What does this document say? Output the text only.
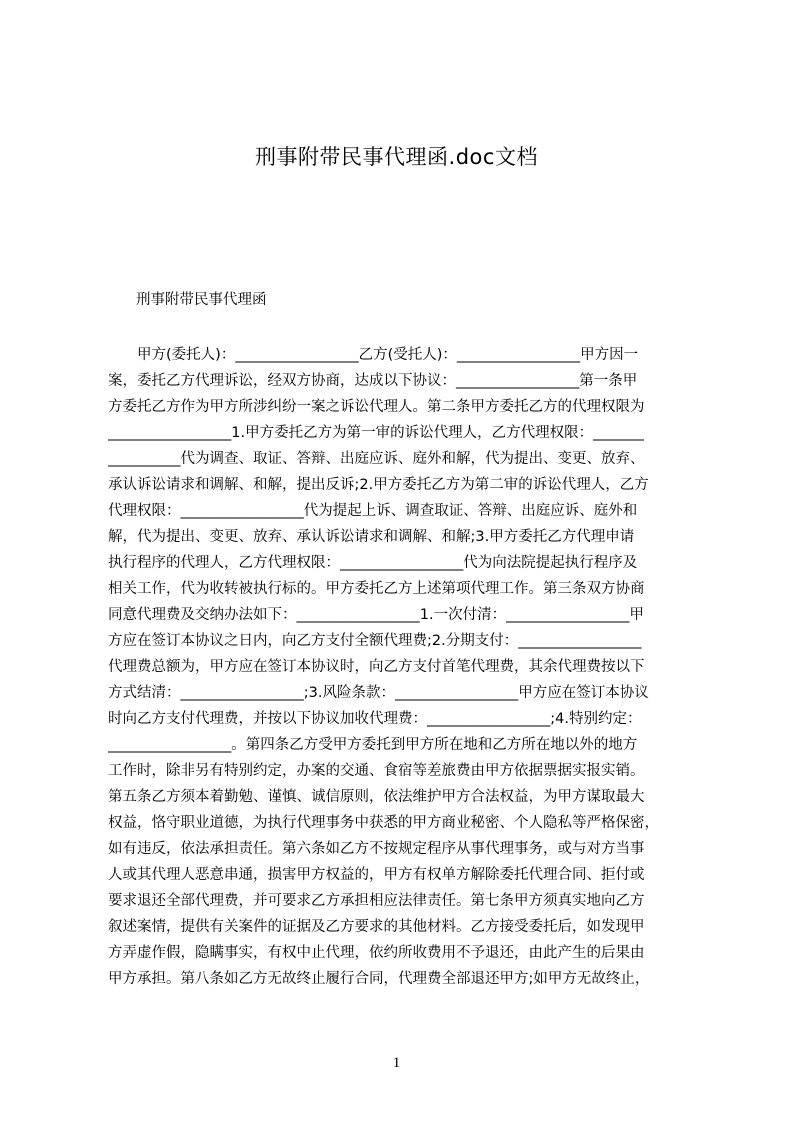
刑事附带民事代理函.doc文档
刑事附带民事代理函
　　甲方(委托人)：_________________乙方(受托人)：_________________甲方因一
案，委托乙方代理诉讼，经双方协商，达成以下协议：_________________第一条甲
方委托乙方作为甲方所涉纠纷一案之诉讼代理人。第二条甲方委托乙方的代理权限为
_________________1.甲方委托乙方为第一审的诉讼代理人，乙方代理权限：_______
__________代为调查、取证、答辩、出庭应诉、庭外和解，代为提出、变更、放弃、
承认诉讼请求和调解、和解，提出反诉;2.甲方委托乙方为第二审的诉讼代理人，乙方
代理权限：_________________代为提起上诉、调查取证、答辩、出庭应诉、庭外和
解，代为提出、变更、放弃、承认诉讼请求和调解、和解;3.甲方委托乙方代理申请
执行程序的代理人，乙方代理权限：_________________代为向法院提起执行程序及
相关工作，代为收转被执行标的。甲方委托乙方上述第项代理工作。第三条双方协商
同意代理费及交纳办法如下：_________________1.一次付清：_________________甲
方应在签订本协议之日内，向乙方支付全额代理费;2.分期支付：_________________
代理费总额为，甲方应在签订本协议时，向乙方支付首笔代理费，其余代理费按以下
方式结清：_________________;3.风险条款：_________________甲方应在签订本协议
时向乙方支付代理费，并按以下协议加收代理费：_________________;4.特别约定：
_________________。第四条乙方受甲方委托到甲方所在地和乙方所在地以外的地方
工作时，除非另有特别约定，办案的交通、食宿等差旅费由甲方依据票据实报实销。
第五条乙方须本着勤勉、谨慎、诚信原则，依法维护甲方合法权益，为甲方谋取最大
权益，恪守职业道德，为执行代理事务中获悉的甲方商业秘密、个人隐私等严格保密，
如有违反，依法承担责任。第六条如乙方不按规定程序从事代理事务，或与对方当事
人或其代理人恶意串通，损害甲方权益的，甲方有权单方解除委托代理合同、拒付或
要求退还全部代理费，并可要求乙方承担相应法律责任。第七条甲方须真实地向乙方
叙述案情，提供有关案件的证据及乙方要求的其他材料。乙方接受委托后，如发现甲
方弄虚作假，隐瞒事实，有权中止代理，依约所收费用不予退还，由此产生的后果由
甲方承担。第八条如乙方无故终止履行合同，代理费全部退还甲方;如甲方无故终止，
1
